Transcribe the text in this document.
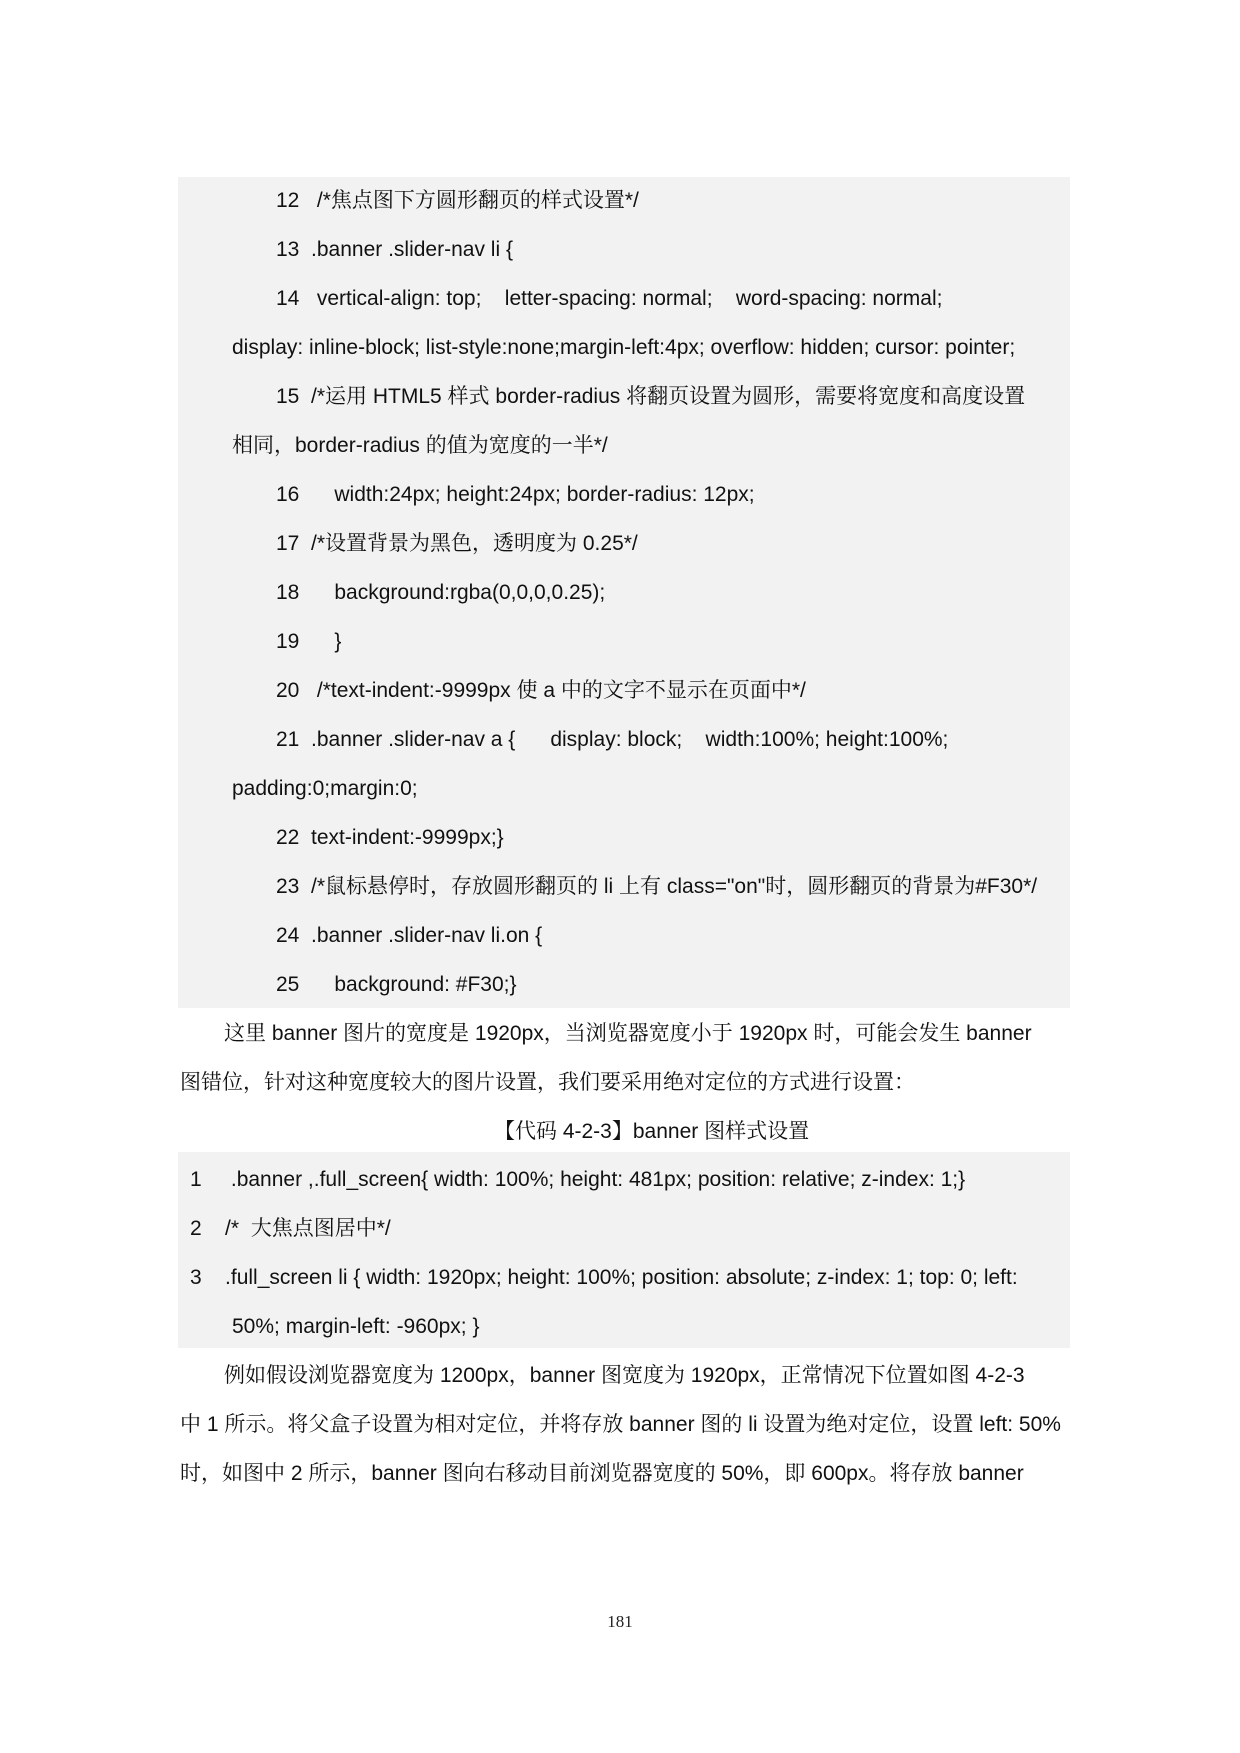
12   /*焦点图下方圆形翻页的样式设置*/
13 .banner .slider-nav li {
14   vertical-align: top;    letter-spacing: normal;    word-spacing: normal;
display: inline-block; list-style:none;margin-left:4px; overflow: hidden; cursor: pointer;
15 /*运用 HTML5 样式 border-radius 将翻页设置为圆形，需要将宽度和高度设置
相同，border-radius 的值为宽度的一半*/
16      width:24px; height:24px; border-radius: 12px;
17 /*设置背景为黑色，透明度为 0.25*/
18      background:rgba(0,0,0,0.25);
19      }
20   /*text-indent:-9999px 使 a 中的文字不显示在页面中*/
21 .banner .slider-nav a {      display: block;    width:100%; height:100%;
padding:0;margin:0;
22 text-indent:-9999px;}
23 /*鼠标悬停时，存放圆形翻页的 li 上有 class="on"时，圆形翻页的背景为#F30*/
24 .banner .slider-nav li.on {
25      background: #F30;}
这里 banner 图片的宽度是 1920px，当浏览器宽度小于 1920px 时，可能会发生 banner
图错位，针对这种宽度较大的图片设置，我们要采用绝对定位的方式进行设置：
【代码 4-2-3】banner 图样式设置
1     .banner ,.full_screen{ width: 100%; height: 481px; position: relative; z-index: 1;}
2 /*  大焦点图居中*/
3 .full_screen li { width: 1920px; height: 100%; position: absolute; z-index: 1; top: 0; left:
50%; margin-left: -960px; }
例如假设浏览器宽度为 1200px，banner 图宽度为 1920px，正常情况下位置如图 4-2-3
中 1 所示。将父盒子设置为相对定位，并将存放 banner 图的 li 设置为绝对定位，设置 left: 50%
时，如图中 2 所示，banner 图向右移动目前浏览器宽度的 50%，即 600px。将存放 banner
181
